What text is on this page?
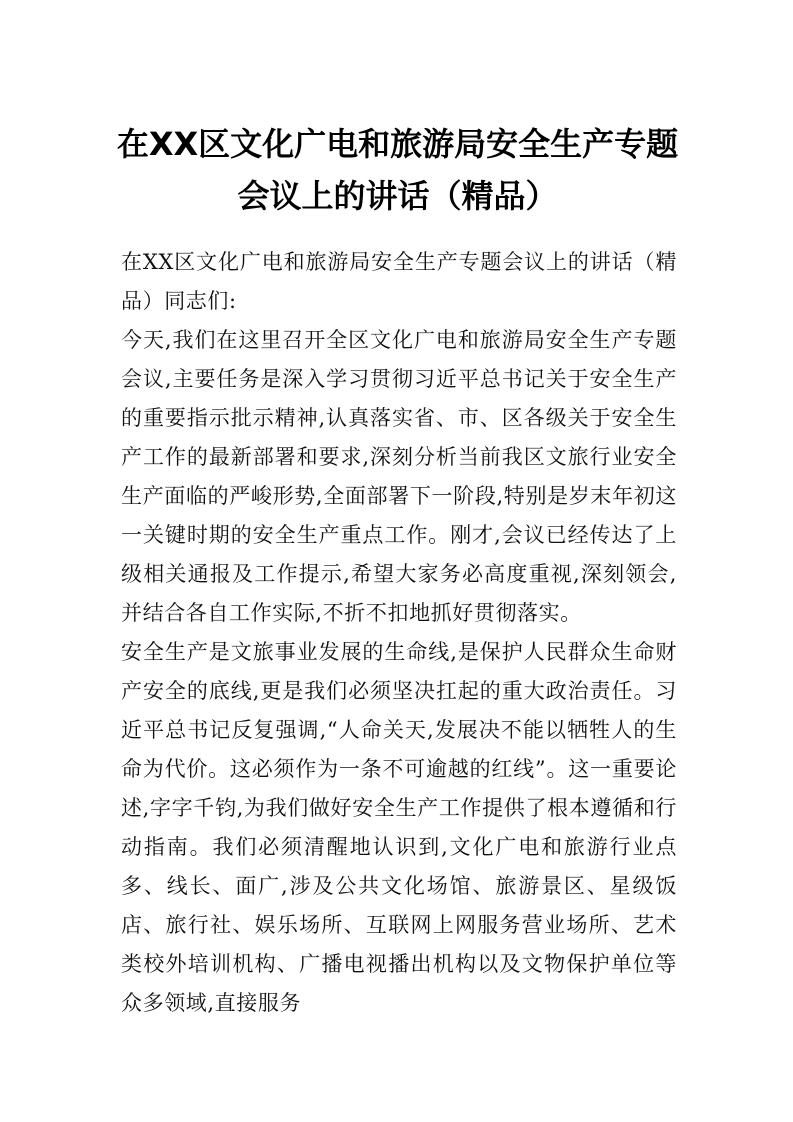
在XX区文化广电和旅游局安全生产专题会议上的讲话（精品）

在XX区文化广电和旅游局安全生产专题会议上的讲话（精品）同志们:

今天,我们在这里召开全区文化广电和旅游局安全生产专题会议,主要任务是深入学习贯彻习近平总书记关于安全生产的重要指示批示精神,认真落实省、市、区各级关于安全生产工作的最新部署和要求,深刻分析当前我区文旅行业安全生产面临的严峻形势,全面部署下一阶段,特别是岁末年初这一关键时期的安全生产重点工作。刚才,会议已经传达了上级相关通报及工作提示,希望大家务必高度重视,深刻领会,并结合各自工作实际,不折不扣地抓好贯彻落实。

安全生产是文旅事业发展的生命线,是保护人民群众生命财产安全的底线,更是我们必须坚决扛起的重大政治责任。习近平总书记反复强调,“人命关天,发展决不能以牺牲人的生命为代价。这必须作为一条不可逾越的红线”。这一重要论述,字字千钧,为我们做好安全生产工作提供了根本遵循和行动指南。我们必须清醒地认识到,文化广电和旅游行业点多、线长、面广,涉及公共文化场馆、旅游景区、星级饭店、旅行社、娱乐场所、互联网上网服务营业场所、艺术类校外培训机构、广播电视播出机构以及文物保护单位等众多领域,直接服务
